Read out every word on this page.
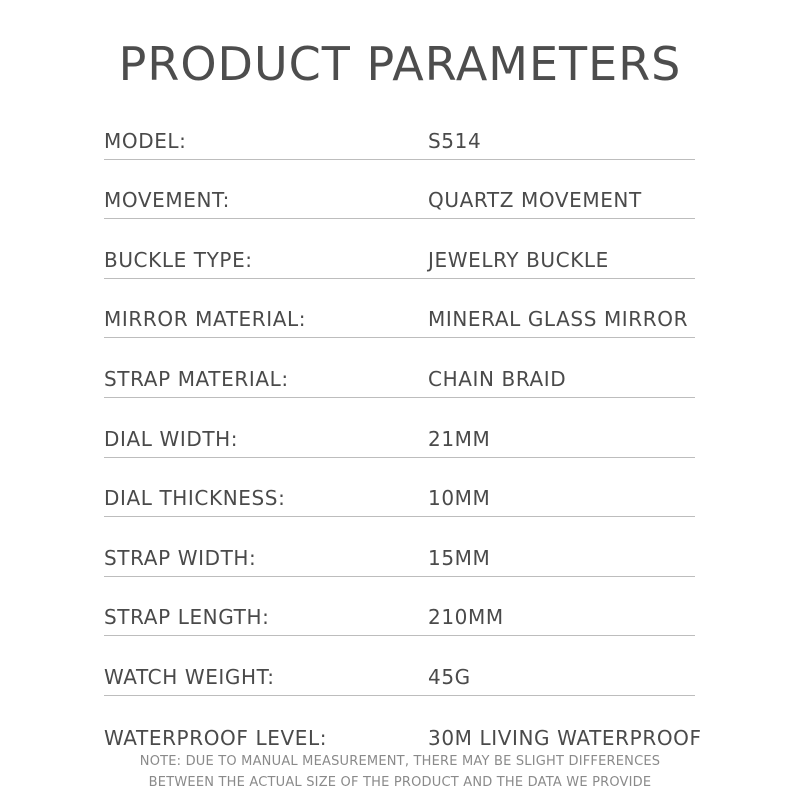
PRODUCT PARAMETERS
MODEL:	S514
MOVEMENT:	QUARTZ MOVEMENT
BUCKLE TYPE:	JEWELRY BUCKLE
MIRROR MATERIAL:	MINERAL GLASS MIRROR
STRAP MATERIAL:	CHAIN BRAID
DIAL WIDTH:	21MM
DIAL THICKNESS:	10MM
STRAP WIDTH:	15MM
STRAP LENGTH:	210MM
WATCH WEIGHT:	45G
WATERPROOF LEVEL:	30M LIVING WATERPROOF
NOTE: DUE TO MANUAL MEASUREMENT, THERE MAY BE SLIGHT DIFFERENCES
BETWEEN THE ACTUAL SIZE OF THE PRODUCT AND THE DATA WE PROVIDE
